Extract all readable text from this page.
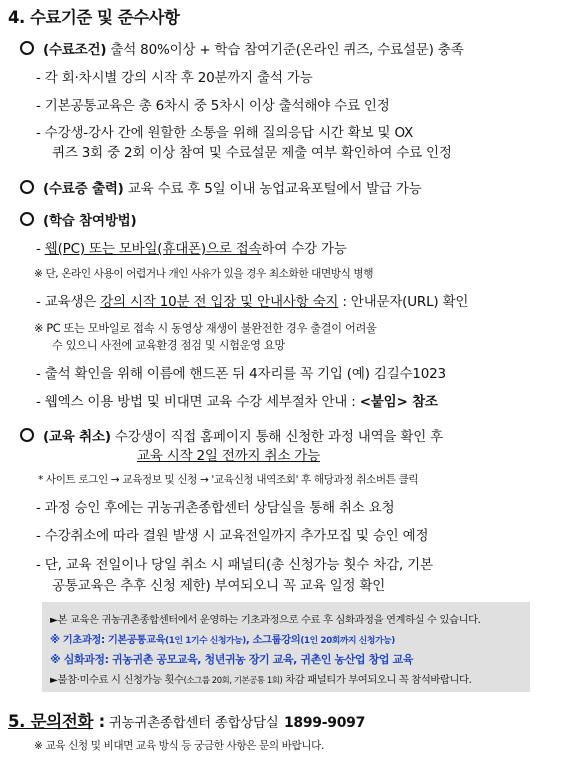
4. 수료기준 및 준수사항
(수료조건) 출석 80%이상 + 학습 참여기준(온라인 퀴즈, 수료설문) 충족
- 각 회·차시별 강의 시작 후 20분까지 출석 가능
- 기본공통교육은 총 6차시 중 5차시 이상 출석해야 수료 인정
- 수강생-강사 간에 원할한 소통을 위해 질의응답 시간 확보 및 OX
퀴즈 3회 중 2회 이상 참여 및 수료설문 제출 여부 확인하여 수료 인정
(수료증 출력) 교육 수료 후 5일 이내 농업교육포털에서 발급 가능
(학습 참여방법)
- 웹(PC) 또는 모바일(휴대폰)으로 접속하여 수강 가능
※ 단, 온라인 사용이 어렵거나 개인 사유가 있을 경우 최소화한 대면방식 병행
- 교육생은 강의 시작 10분 전 입장 및 안내사항 숙지 : 안내문자(URL) 확인
※ PC 또는 모바일로 접속 시 동영상 재생이 불완전한 경우 출결이 어려울
수 있으니 사전에 교육환경 점검 및 시험운영 요망
- 출석 확인을 위해 이름에 핸드폰 뒤 4자리를 꼭 기입 (예) 김길수1023
- 웹엑스 이용 방법 및 비대면 교육 수강 세부절차 안내 : <붙임> 참조
(교육 취소) 수강생이 직접 홈페이지 통해 신청한 과정 내역을 확인 후
교육 시작 2일 전까지 취소 가능
* 사이트 로그인 → 교육정보 및 신청 → '교육신청 내역조회' 후 해당과정 취소버튼 클릭
- 과정 승인 후에는 귀농귀촌종합센터 상담실을 통해 취소 요청
- 수강취소에 따라 결원 발생 시 교육전일까지 추가모집 및 승인 예정
- 단, 교육 전일이나 당일 취소 시 패널티(총 신청가능 횟수 차감, 기본
공통교육은 추후 신청 제한) 부여되오니 꼭 교육 일정 확인
►본 교육은 귀농귀촌종합센터에서 운영하는 기초과정으로 수료 후 심화과정을 연계하실 수 있습니다.
※ 기초과정: 기본공통교육(1인 1기수 신청가능), 소그룹강의(1인 20회까지 신청가능)
※ 심화과정: 귀농귀촌 공모교육, 청년귀농 장기 교육, 귀촌인 농산업 창업 교육
►불참·미수료 시 신청가능 횟수(소그룹 20회, 기본공통 1회) 차감 패널티가 부여되오니 꼭 참석바랍니다.
5. 문의전화 : 귀농귀촌종합센터 종합상담실 1899-9097
※ 교육 신청 및 비대면 교육 방식 등 궁금한 사항은 문의 바랍니다.
